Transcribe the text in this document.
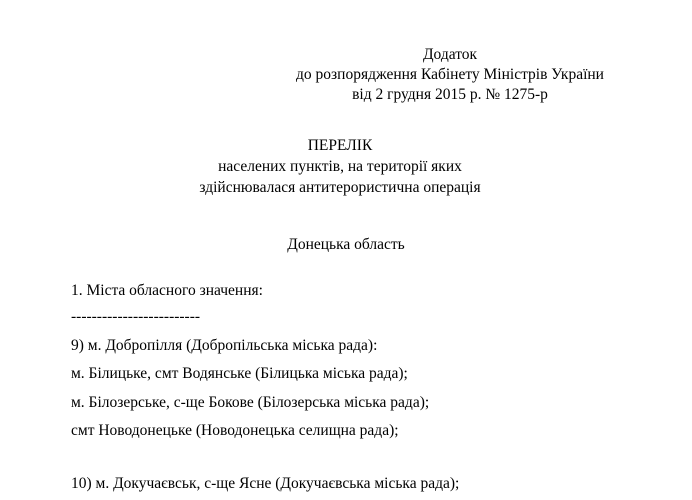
Додаток
до розпорядження Кабінету Міністрів України
від 2 грудня 2015 р. № 1275-р
ПЕРЕЛІК
населених пунктів, на території яких
здійснювалася антитерористична операція
Донецька область
1. Міста обласного значення:
-------------------------
9) м. Добропілля (Добропільська міська рада):
м. Білицьке, смт Водянське (Білицька міська рада);
м. Білозерське, с-ще Бокове (Білозерська міська рада);
смт Новодонецьке (Новодонецька селищна рада);
10) м. Докучаєвськ, с-ще Ясне (Докучаєвська міська рада);
